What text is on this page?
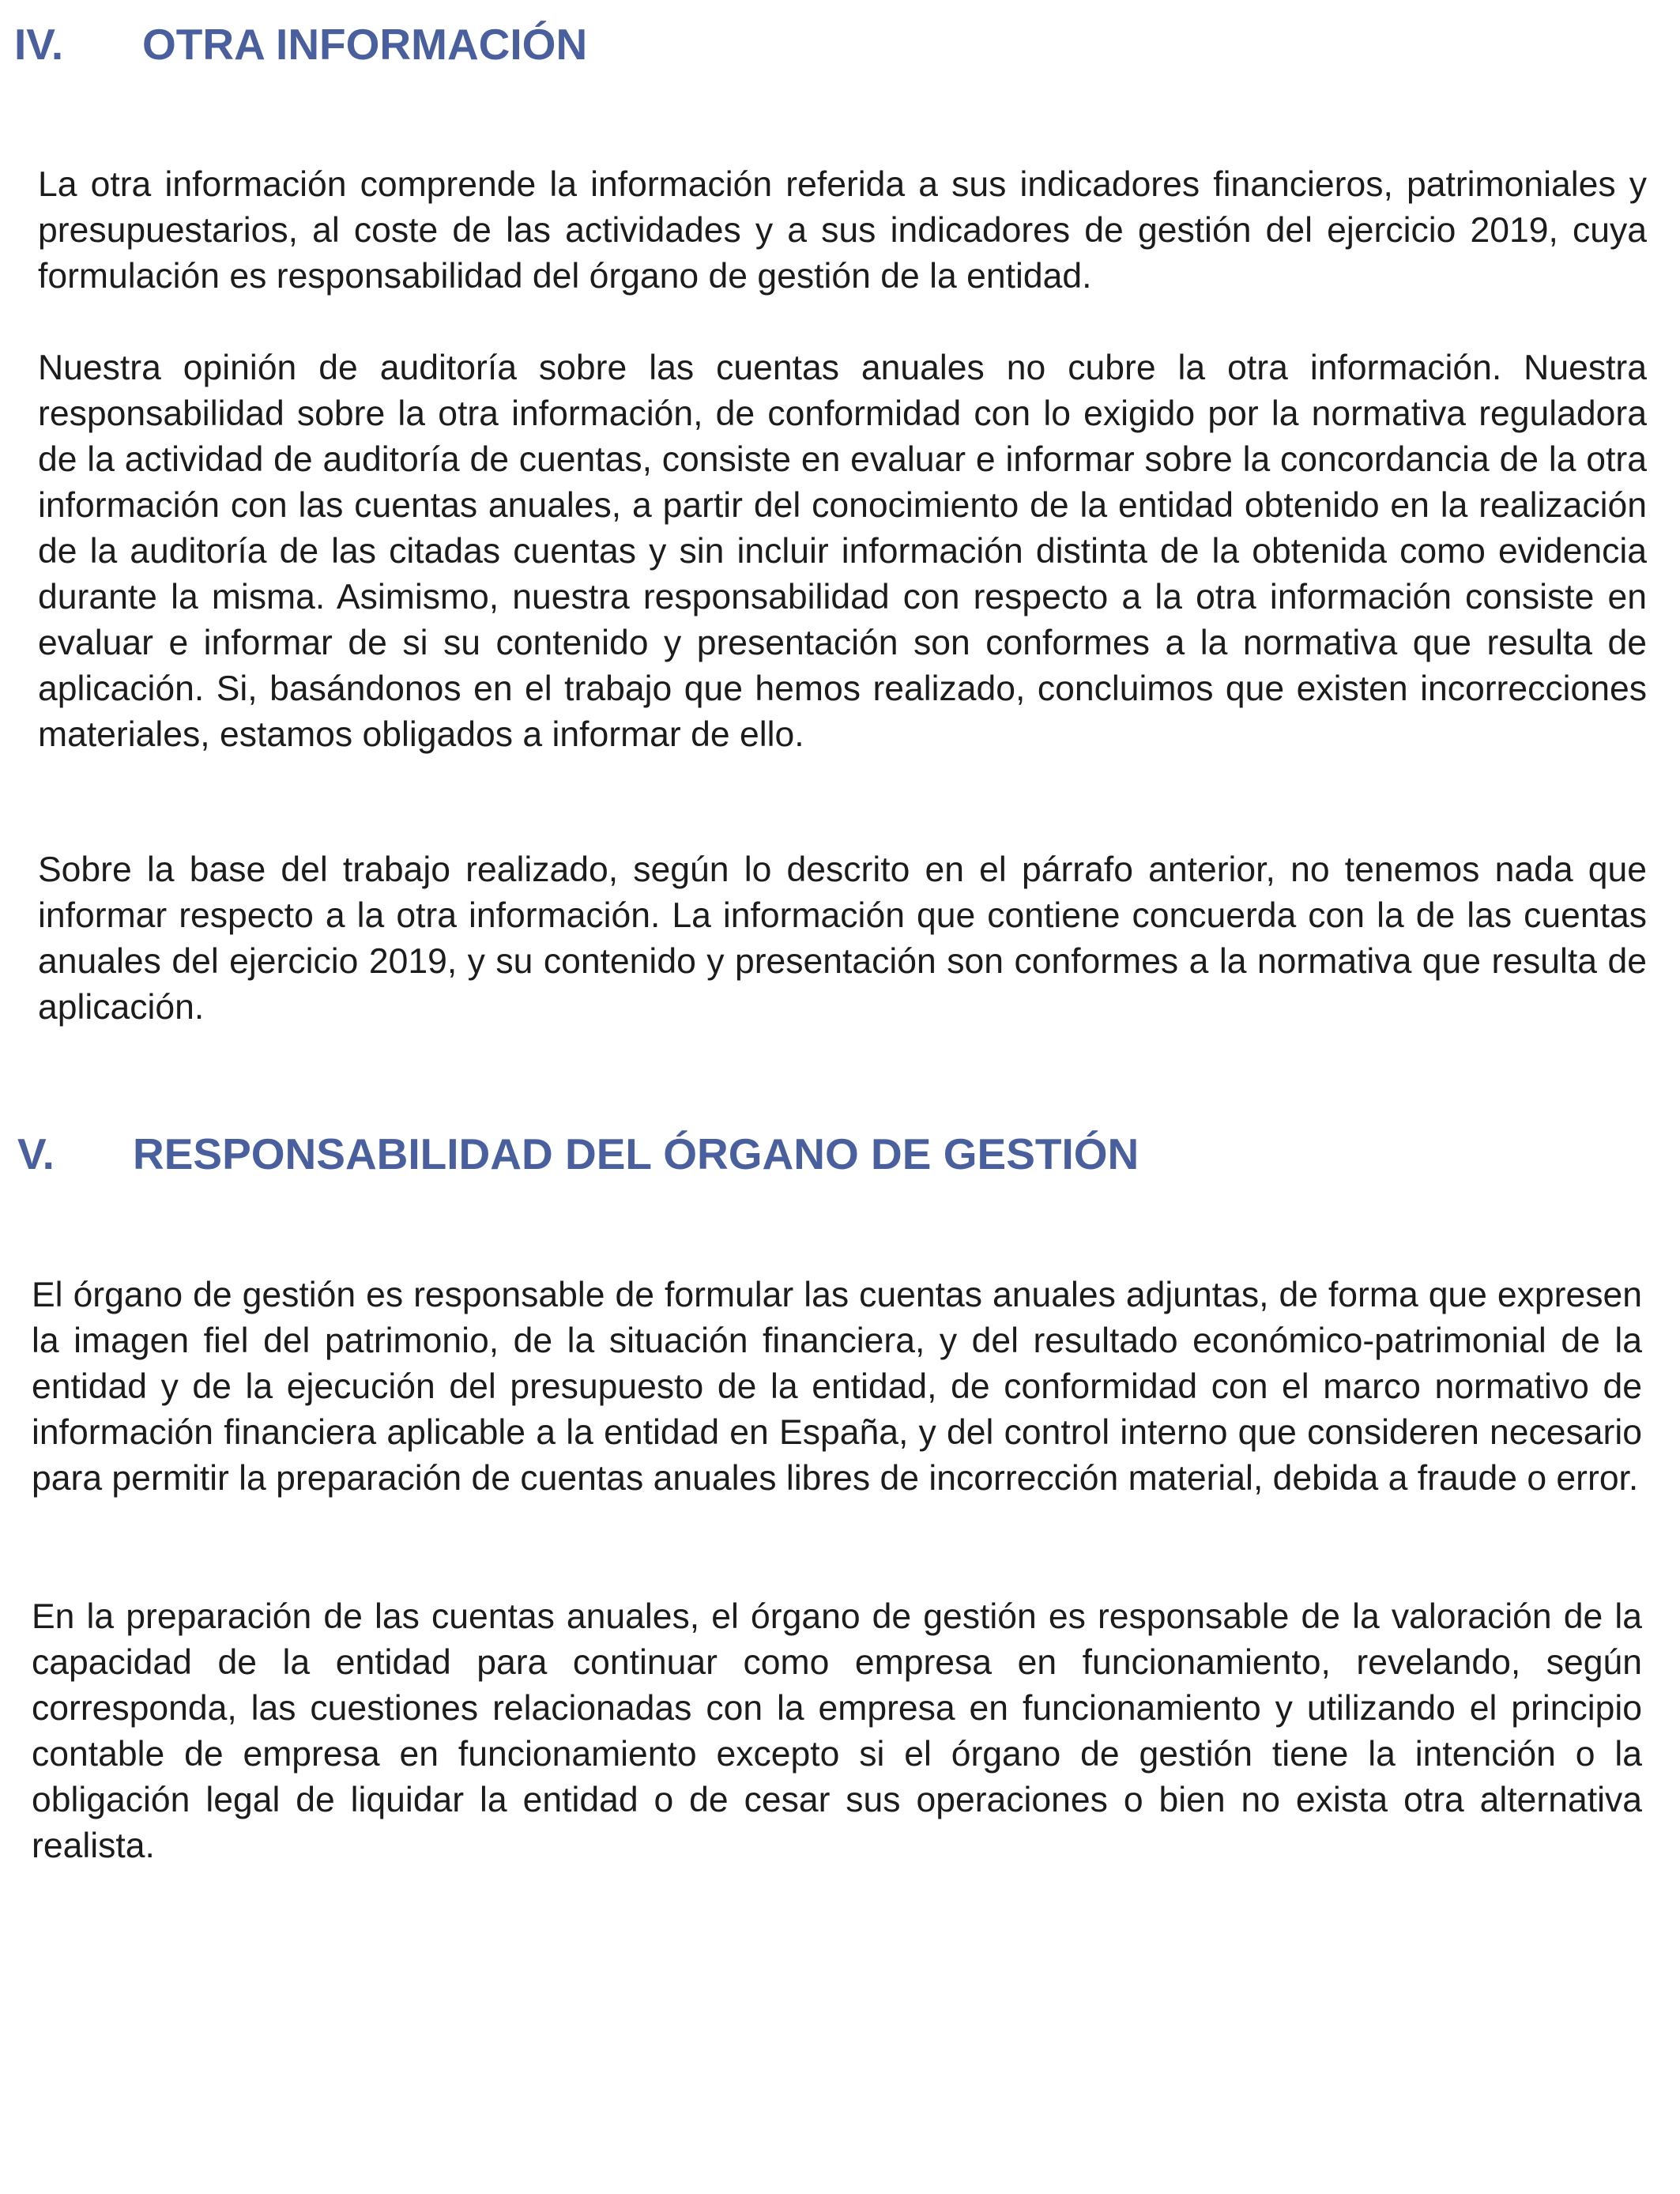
IV. OTRA INFORMACIÓN

La otra información comprende la información referida a sus indicadores financieros, patrimoniales y presupuestarios, al coste de las actividades y a sus indicadores de gestión del ejercicio 2019, cuya formulación es responsabilidad del órgano de gestión de la entidad.

Nuestra opinión de auditoría sobre las cuentas anuales no cubre la otra información. Nuestra responsabilidad sobre la otra información, de conformidad con lo exigido por la normativa reguladora de la actividad de auditoría de cuentas, consiste en evaluar e informar sobre la concordancia de la otra información con las cuentas anuales, a partir del conocimiento de la entidad obtenido en la realización de la auditoría de las citadas cuentas y sin incluir información distinta de la obtenida como evidencia durante la misma. Asimismo, nuestra responsabilidad con respecto a la otra información consiste en evaluar e informar de si su contenido y presentación son conformes a la normativa que resulta de aplicación. Si, basándonos en el trabajo que hemos realizado, concluimos que existen incorrecciones materiales, estamos obligados a informar de ello.

Sobre la base del trabajo realizado, según lo descrito en el párrafo anterior, no tenemos nada que informar respecto a la otra información. La información que contiene concuerda con la de las cuentas anuales del ejercicio 2019, y su contenido y presentación son conformes a la normativa que resulta de aplicación.

V. RESPONSABILIDAD DEL ÓRGANO DE GESTIÓN

El órgano de gestión es responsable de formular las cuentas anuales adjuntas, de forma que expresen la imagen fiel del patrimonio, de la situación financiera, y del resultado económico-patrimonial de la entidad y de la ejecución del presupuesto de la entidad, de conformidad con el marco normativo de información financiera aplicable a la entidad en España, y del control interno que consideren necesario para permitir la preparación de cuentas anuales libres de incorrección material, debida a fraude o error.

En la preparación de las cuentas anuales, el órgano de gestión es responsable de la valoración de la capacidad de la entidad para continuar como empresa en funcionamiento, revelando, según corresponda, las cuestiones relacionadas con la empresa en funcionamiento y utilizando el principio contable de empresa en funcionamiento excepto si el órgano de gestión tiene la intención o la obligación legal de liquidar la entidad o de cesar sus operaciones o bien no exista otra alternativa realista.
